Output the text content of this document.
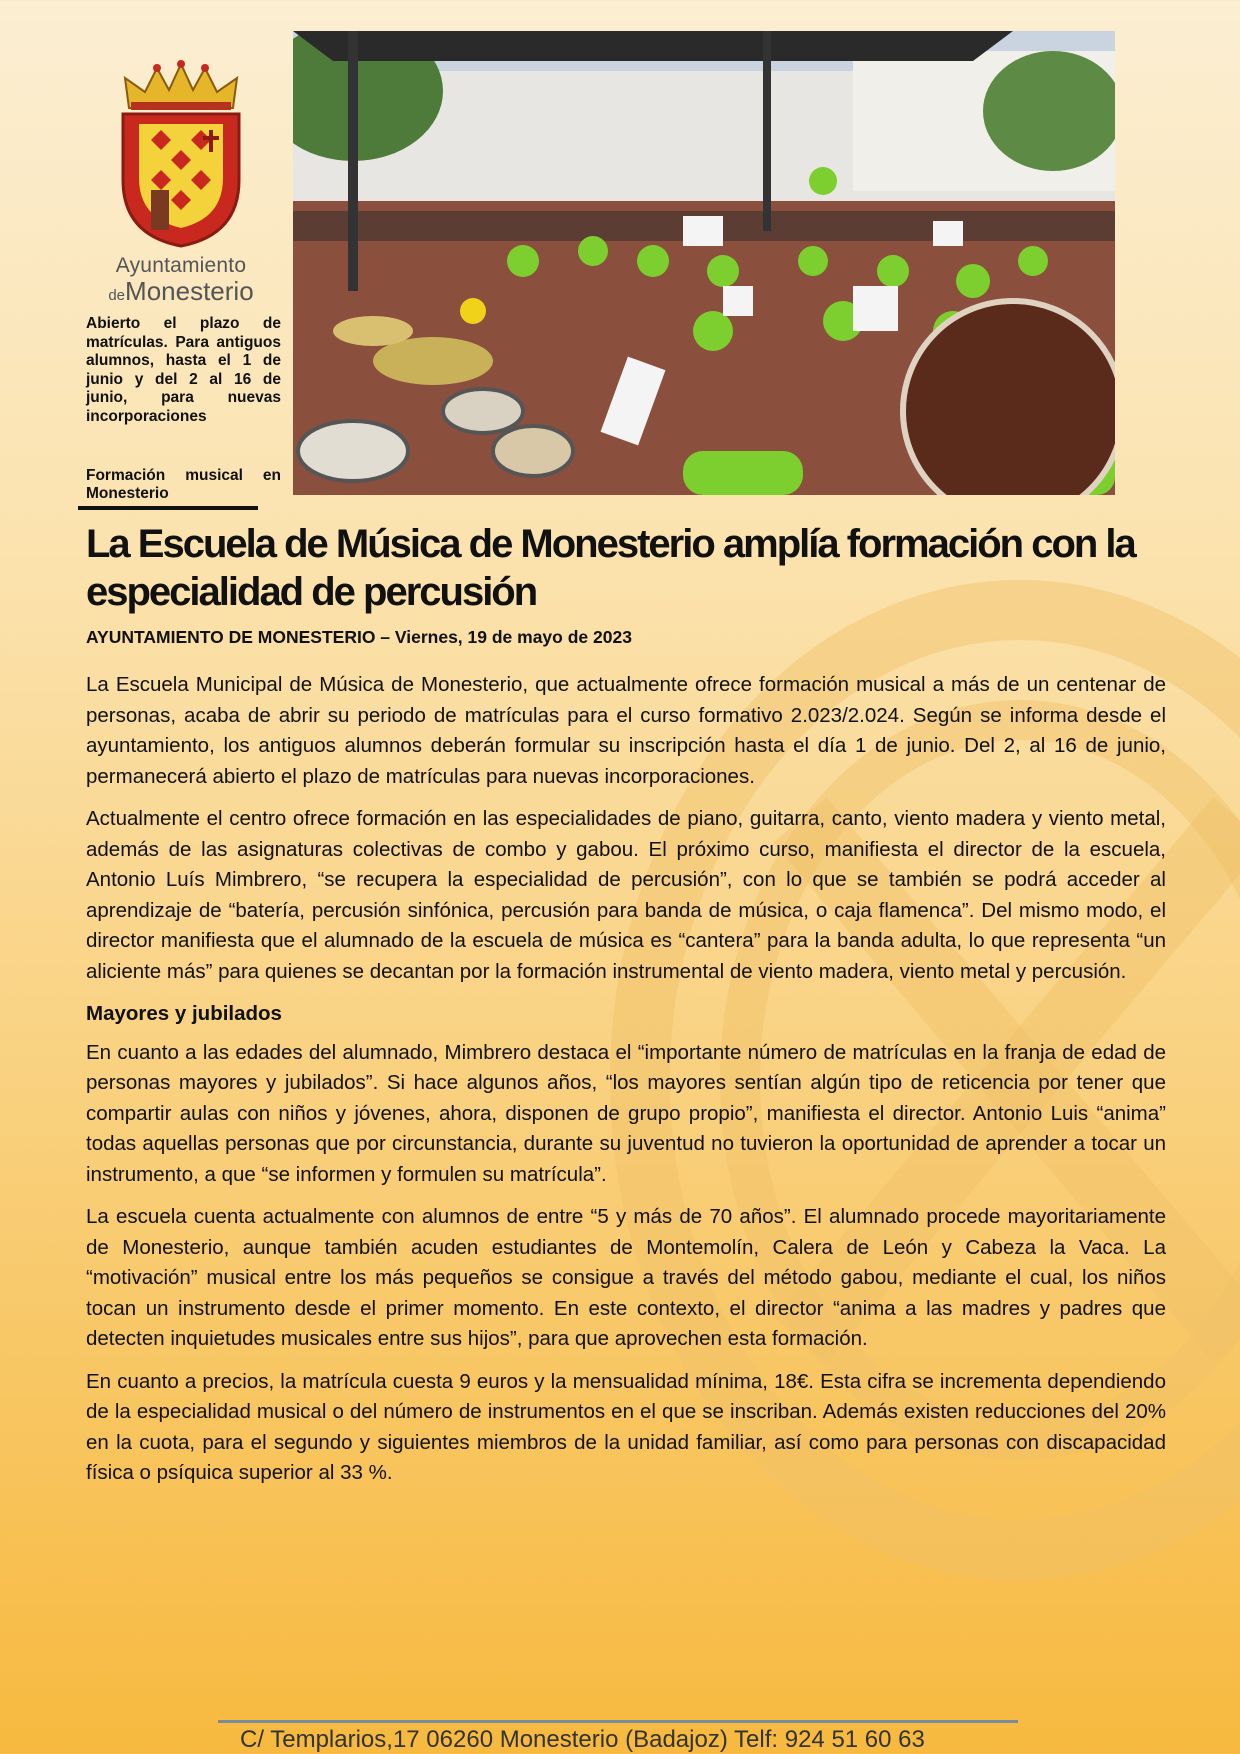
Ayuntamiento
deMonesterio
Abierto el plazo de matrículas. Para antiguos alumnos, hasta el 1 de junio y del 2 al 16 de junio, para nuevas incorporaciones
Formación musical en Monesterio
La Escuela de Música de Monesterio amplía formación con la especialidad de percusión
AYUNTAMIENTO DE MONESTERIO – Viernes, 19 de mayo de 2023

La Escuela Municipal de Música de Monesterio, que actualmente ofrece formación musical a más de un centenar de personas, acaba de abrir su periodo de matrículas para el curso formativo 2.023/2.024. Según se informa desde el ayuntamiento, los antiguos alumnos deberán formular su inscripción hasta el día 1 de junio. Del 2, al 16 de junio, permanecerá abierto el plazo de matrículas para nuevas incorporaciones.

Actualmente el centro ofrece formación en las especialidades de piano, guitarra, canto, viento madera y viento metal, además de las asignaturas colectivas de combo y gabou. El próximo curso, manifiesta el director de la escuela, Antonio Luís Mimbrero, “se recupera la especialidad de percusión”, con lo que se también se podrá acceder al aprendizaje de “batería, percusión sinfónica, percusión para banda de música, o caja flamenca”. Del mismo modo, el director manifiesta que el alumnado de la escuela de música es “cantera” para la banda adulta, lo que representa “un aliciente más” para quienes se decantan por la formación instrumental de viento madera, viento metal y percusión.

Mayores y jubilados

En cuanto a las edades del alumnado, Mimbrero destaca el “importante número de matrículas en la franja de edad de personas mayores y jubilados”. Si hace algunos años, “los mayores sentían algún tipo de reticencia por tener que compartir aulas con niños y jóvenes, ahora, disponen de grupo propio”, manifiesta el director. Antonio Luis “anima” todas aquellas personas que por circunstancia, durante su juventud no tuvieron la oportunidad de aprender a tocar un instrumento, a que “se informen y formulen su matrícula”.

La escuela cuenta actualmente con alumnos de entre “5 y más de 70 años”. El alumnado procede mayoritariamente de Monesterio, aunque también acuden estudiantes de Montemolín, Calera de León y Cabeza la Vaca. La “motivación” musical entre los más pequeños se consigue a través del método gabou, mediante el cual, los niños tocan un instrumento desde el primer momento. En este contexto, el director “anima a las madres y padres que detecten inquietudes musicales entre sus hijos”, para que aprovechen esta formación.

En cuanto a precios, la matrícula cuesta 9 euros y la mensualidad mínima, 18€. Esta cifra se incrementa dependiendo de la especialidad musical o del número de instrumentos en el que se inscriban. Además existen reducciones del 20% en la cuota, para el segundo y siguientes miembros de la unidad familiar, así como para personas con discapacidad física o psíquica superior al 33 %.

C/ Templarios,17 06260 Monesterio (Badajoz) Telf: 924 51 60 63
